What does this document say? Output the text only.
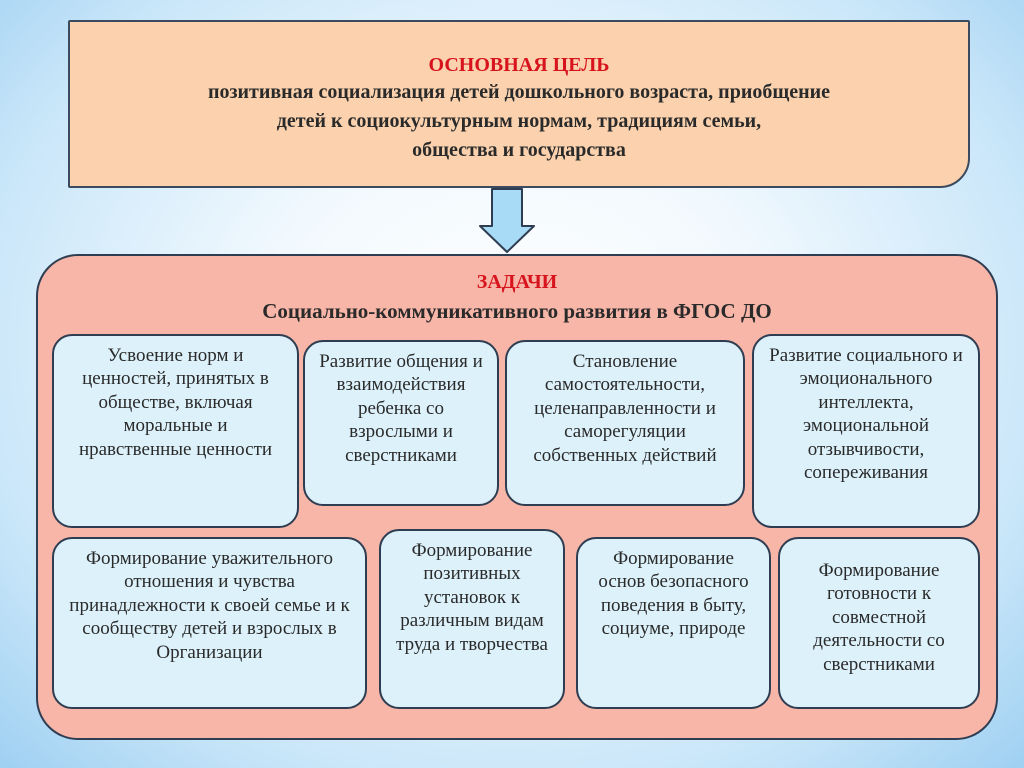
ОСНОВНАЯ ЦЕЛЬ
позитивная социализация детей дошкольного возраста, приобщение
детей к социокультурным нормам, традициям семьи,
общества и государства
ЗАДАЧИ
Социально-коммуникативного развития в ФГОС ДО
Усвоение норм и ценностей, принятых в обществе, включая моральные и нравственные ценности
Развитие общения и взаимодействия ребенка со взрослыми и сверстниками
Становление самостоятельности, целенаправленности и саморегуляции собственных действий
Развитие социального и эмоционального интеллекта, эмоциональной отзывчивости, сопереживания
Формирование уважительного отношения и чувства принадлежности к своей семье и к сообществу детей и взрослых в Организации
Формирование позитивных установок к различным видам труда и творчества
Формирование основ безопасного поведения в быту, социуме, природе
Формирование готовности к совместной деятельности со сверстниками
